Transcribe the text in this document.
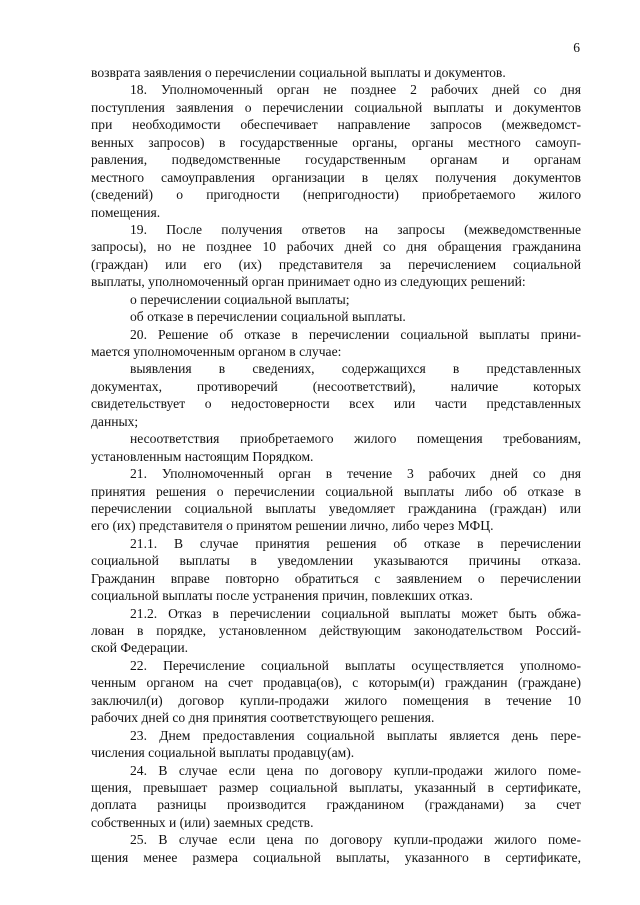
6
возврата заявления о перечислении социальной выплаты и документов.
18. Уполномоченный орган не позднее 2 рабочих дней со дня
поступления заявления о перечислении социальной выплаты и документов
при необходимости обеспечивает направление запросов (межведомст-
венных запросов) в государственные органы, органы местного самоуп-
равления, подведомственные государственным органам и органам
местного самоуправления организации в целях получения документов
(сведений) о пригодности (непригодности) приобретаемого жилого
помещения.
19. После получения ответов на запросы (межведомственные
запросы), но не позднее 10 рабочих дней со дня обращения гражданина
(граждан) или его (их) представителя за перечислением социальной
выплаты, уполномоченный орган принимает одно из следующих решений:
о перечислении социальной выплаты;
об отказе в перечислении социальной выплаты.
20. Решение об отказе в перечислении социальной выплаты прини-
мается уполномоченным органом в случае:
выявления в сведениях, содержащихся в представленных
документах, противоречий (несоответствий), наличие которых
свидетельствует о недостоверности всех или части представленных
данных;
несоответствия приобретаемого жилого помещения требованиям,
установленным настоящим Порядком.
21. Уполномоченный орган в течение 3 рабочих дней со дня
принятия решения о перечислении социальной выплаты либо об отказе в
перечислении социальной выплаты уведомляет гражданина (граждан) или
его (их) представителя о принятом решении лично, либо через МФЦ.
21.1. В случае принятия решения об отказе в перечислении
социальной выплаты в уведомлении указываются причины отказа.
Гражданин вправе повторно обратиться с заявлением о перечислении
социальной выплаты после устранения причин, повлекших отказ.
21.2. Отказ в перечислении социальной выплаты может быть обжа-
лован в порядке, установленном действующим законодательством Россий-
ской Федерации.
22. Перечисление социальной выплаты осуществляется уполномо-
ченным органом на счет продавца(ов), с которым(и) гражданин (граждане)
заключил(и) договор купли-продажи жилого помещения в течение 10
рабочих дней со дня принятия соответствующего решения.
23. Днем предоставления социальной выплаты является день пере-
числения социальной выплаты продавцу(ам).
24. В случае если цена по договору купли-продажи жилого поме-
щения, превышает размер социальной выплаты, указанный в сертификате,
доплата разницы производится гражданином (гражданами) за счет
собственных и (или) заемных средств.
25. В случае если цена по договору купли-продажи жилого поме-
щения менее размера социальной выплаты, указанного в сертификате,
